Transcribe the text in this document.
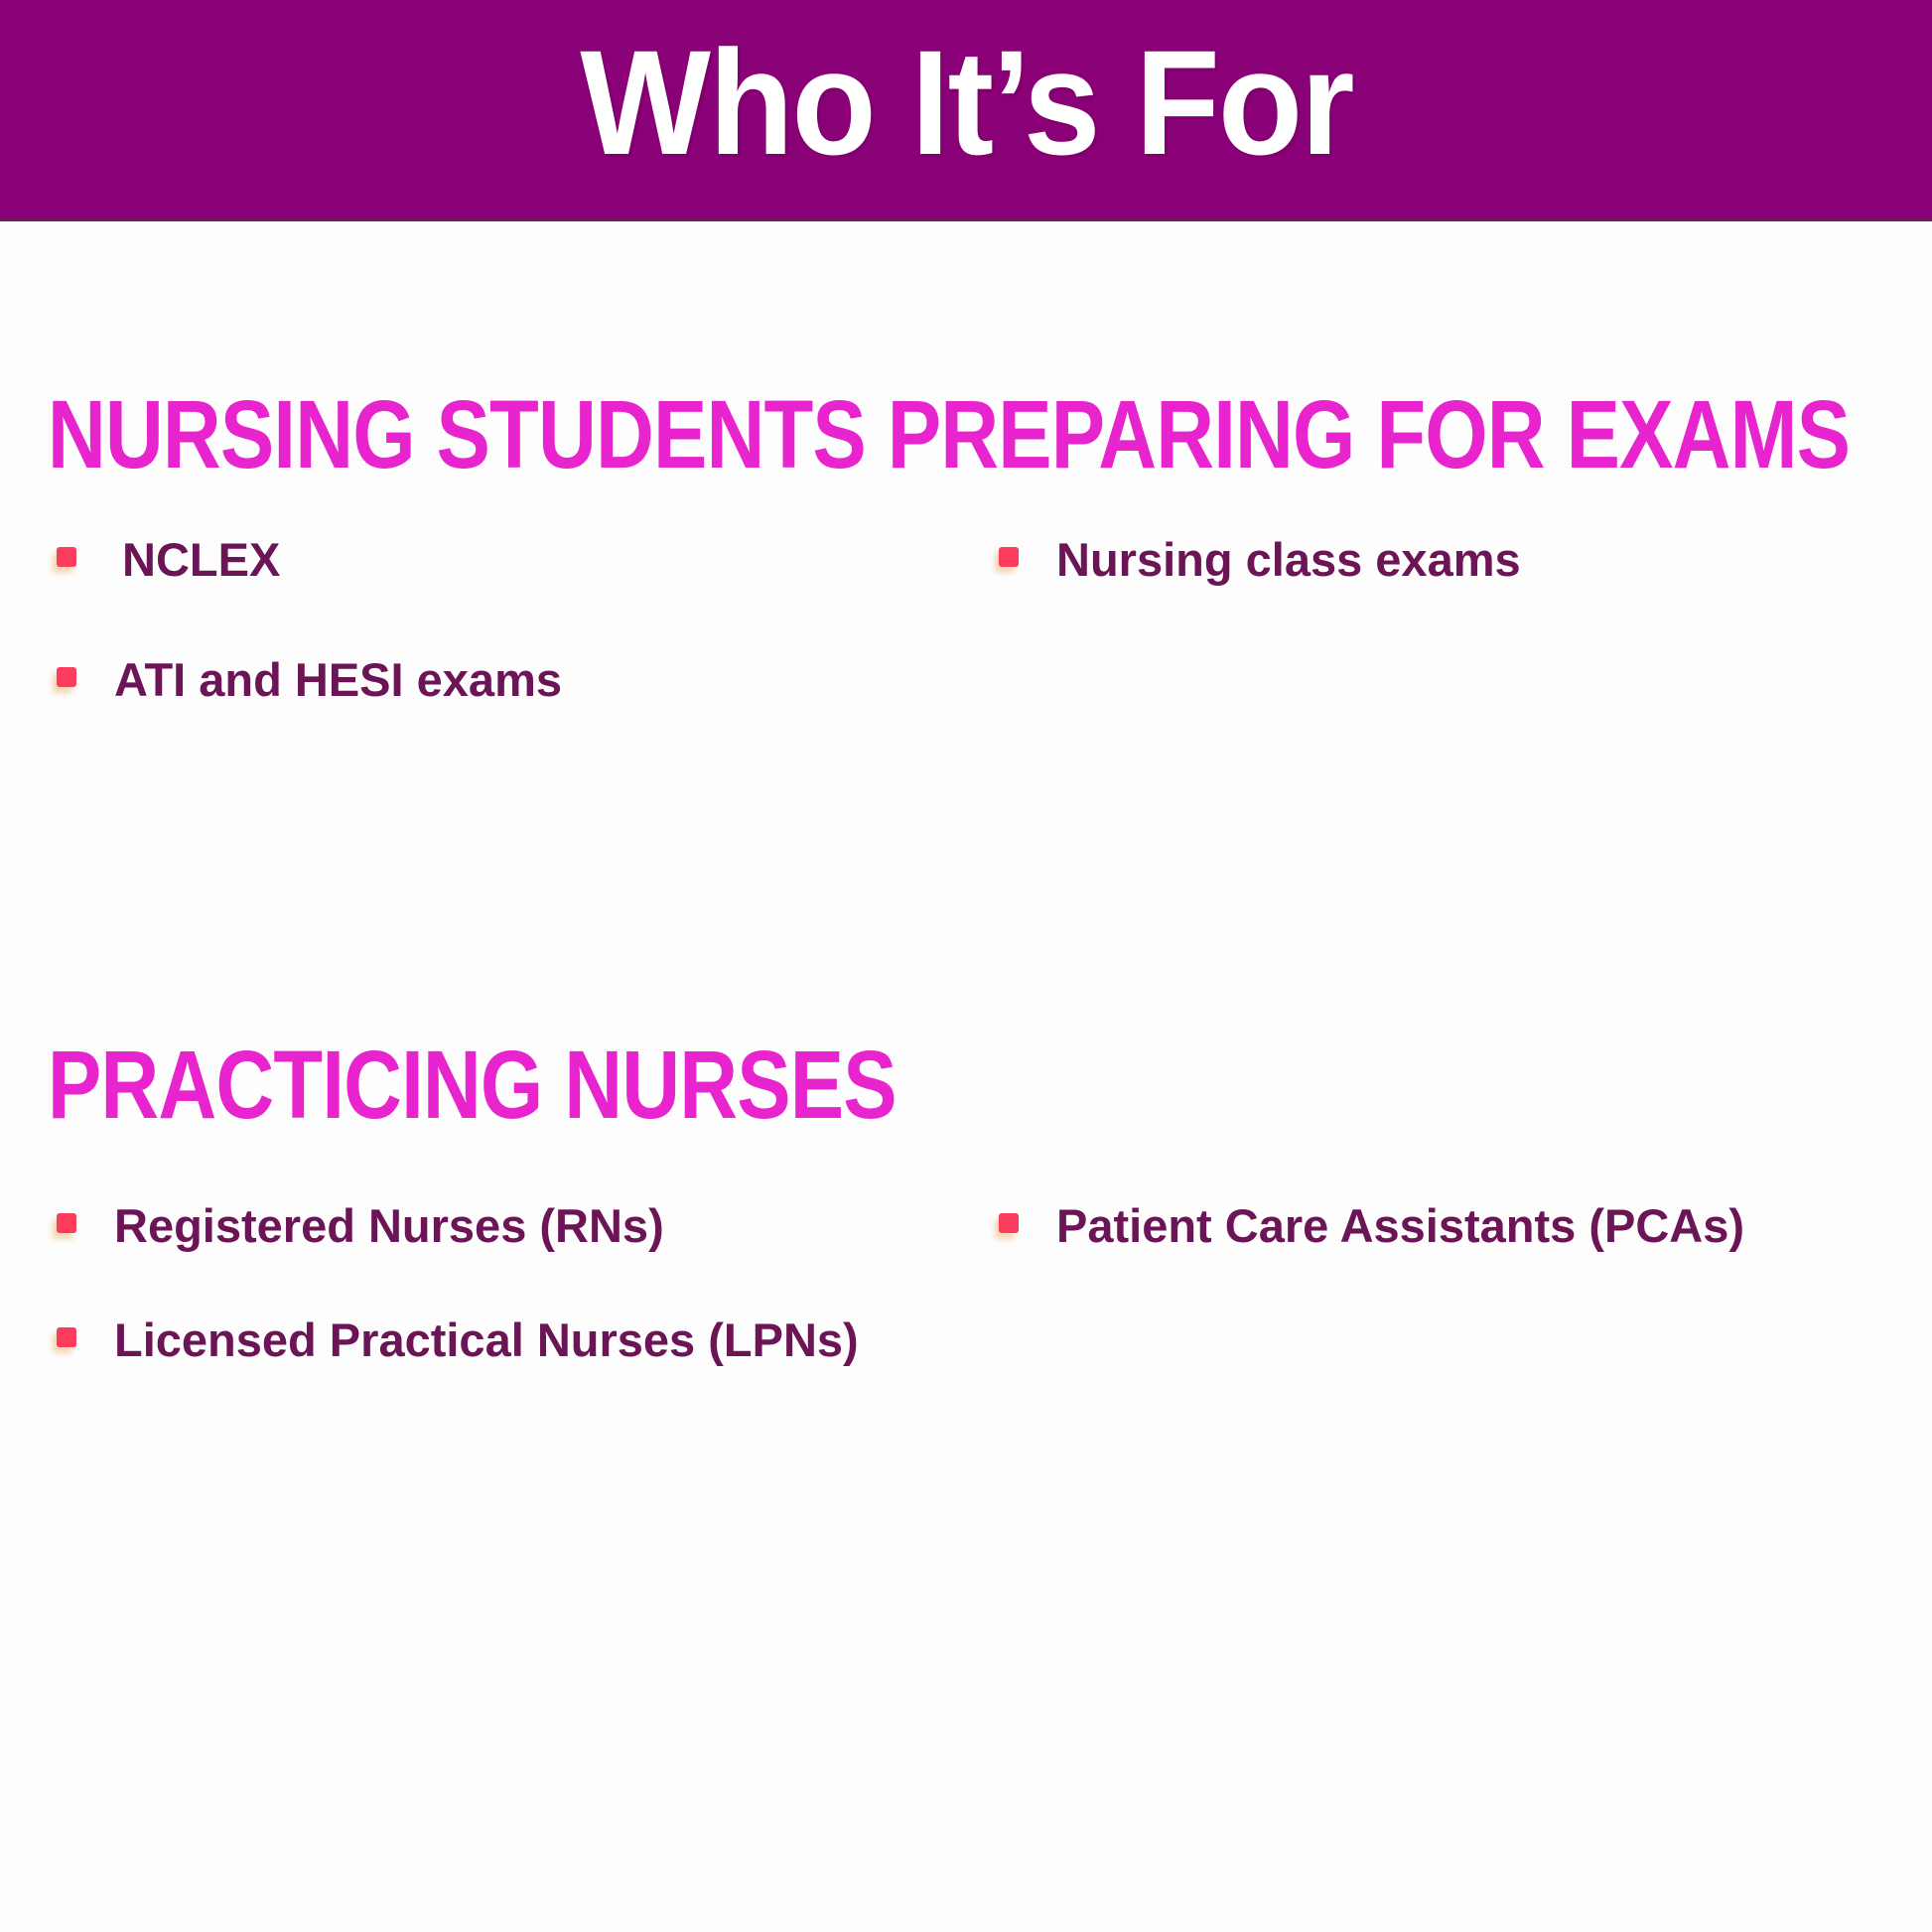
Who It’s For
NURSING STUDENTS PREPARING FOR EXAMS
NCLEX	Nursing class exams
ATI and HESI exams
PRACTICING NURSES
Registered Nurses (RNs)	Patient Care Assistants (PCAs)
Licensed Practical Nurses (LPNs)
